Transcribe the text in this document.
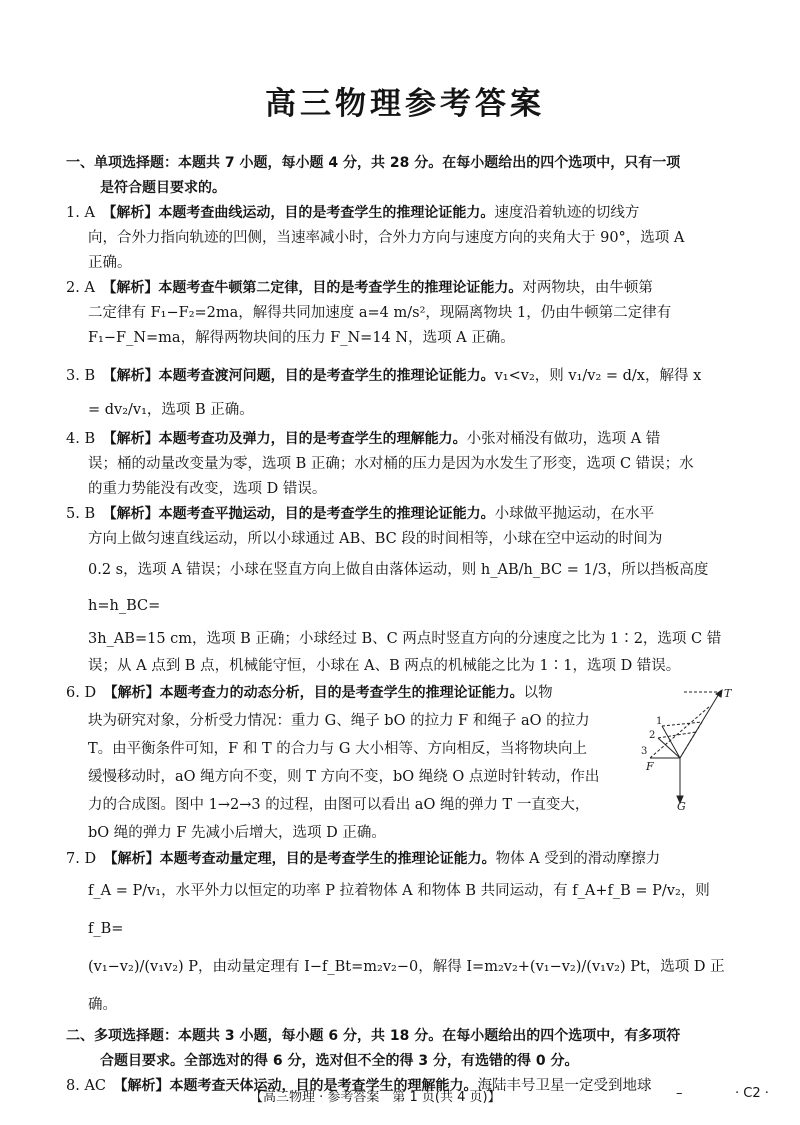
高三物理参考答案
一、单项选择题：本题共 7 小题，每小题 4 分，共 28 分。在每小题给出的四个选项中，只有一项
是符合题目要求的。
1. A　 【解析】本题考查曲线运动，目的是考查学生的推理论证能力。速度沿着轨迹的切线方
向，合外力指向轨迹的凹侧，当速率减小时，合外力方向与速度方向的夹角大于 90°，选项 A
正确。
2. A　 【解析】本题考查牛顿第二定律，目的是考查学生的推理论证能力。对两物块，由牛顿第
二定律有 F₁−F₂=2ma，解得共同加速度 a=4 m/s²，现隔离物块 1，仍由牛顿第二定律有
F₁−F_N=ma，解得两物块间的压力 F_N=14 N，选项 A 正确。
3. B　 【解析】本题考查渡河问题，目的是考查学生的推理论证能力。v₁<v₂，则 v₁/v₂ = d/x，解得 x
= dv₂/v₁，选项 B 正确。
4. B　 【解析】本题考查功及弹力，目的是考查学生的理解能力。小张对桶没有做功，选项 A 错
误；桶的动量改变量为零，选项 B 正确；水对桶的压力是因为水发生了形变，选项 C 错误；水
的重力势能没有改变，选项 D 错误。
5. B　 【解析】本题考查平抛运动，目的是考查学生的推理论证能力。小球做平抛运动，在水平
方向上做匀速直线运动，所以小球通过 AB、BC 段的时间相等，小球在空中运动的时间为
0.2 s，选项 A 错误；小球在竖直方向上做自由落体运动，则 h_AB/h_BC = 1/3，所以挡板高度 h=h_BC=
3h_AB=15 cm，选项 B 正确；小球经过 B、C 两点时竖直方向的分速度之比为 1∶2，选项 C 错
误；从 A 点到 B 点，机械能守恒，小球在 A、B 两点的机械能之比为 1∶1，选项 D 错误。
6. D　 【解析】本题考查力的动态分析，目的是考查学生的推理论证能力。以物
块为研究对象，分析受力情况：重力 G、绳子 bO 的拉力 F 和绳子 aO 的拉力
T。由平衡条件可知，F 和 T 的合力与 G 大小相等、方向相反，当将物块向上
缓慢移动时，aO 绳方向不变，则 T 方向不变，bO 绳绕 O 点逆时针转动，作出
力的合成图。图中 1→2→3 的过程，由图可以看出 aO 绳的弹力 T 一直变大，
bO 绳的弹力 F 先减小后增大，选项 D 正确。
7. D　 【解析】本题考查动量定理，目的是考查学生的推理论证能力。物体 A 受到的滑动摩擦力
f_A = P/v₁，水平外力以恒定的功率 P 拉着物体 A 和物体 B 共同运动，有 f_A+f_B = P/v₂，则 f_B=
(v₁−v₂)/(v₁v₂) P，由动量定理有 I−f_Bt=m₂v₂−0，解得 I=m₂v₂+(v₁−v₂)/(v₁v₂) Pt，选项 D 正确。
二、多项选择题：本题共 3 小题，每小题 6 分，共 18 分。在每小题给出的四个选项中，有多项符
合题目要求。全部选对的得 6 分，选对但不全的得 3 分，有选错的得 0 分。
8. AC　 【解析】本题考查天体运动，目的是考查学生的理解能力。海陆丰号卫星一定受到地球
T
F
G
1
2
3
【高三物理 · 参考答案　第 1 页(共 4 页)】	–	· C2 ·
